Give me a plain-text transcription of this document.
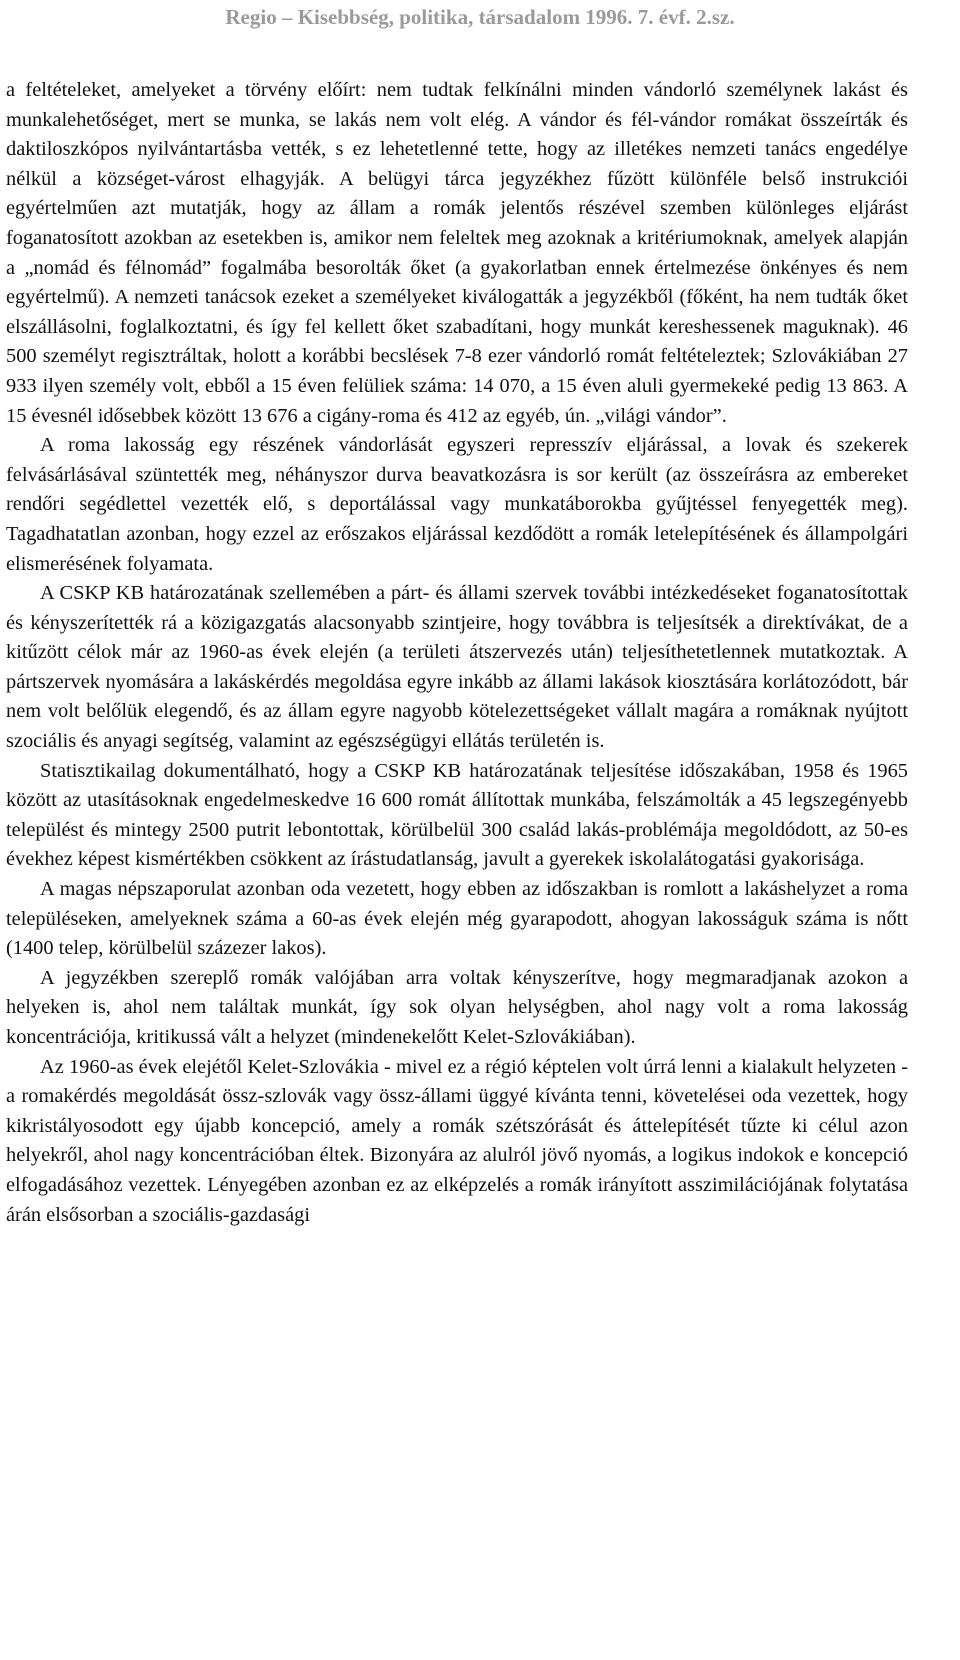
Regio – Kisebbség, politika, társadalom 1996. 7. évf. 2.sz.

a feltételeket, amelyeket a törvény előírt: nem tudtak felkínálni minden vándorló személynek lakást és munkalehetőséget, mert se munka, se lakás nem volt elég. A vándor és fél-vándor romákat összeírták és daktiloszkópos nyilvántartásba vették, s ez lehetetlenné tette, hogy az illetékes nemzeti tanács engedélye nélkül a községet-várost elhagyják. A belügyi tárca jegyzékhez fűzött különféle belső instrukciói egyértelműen azt mutatják, hogy az állam a romák jelentős részével szemben különleges eljárást foganatosított azokban az esetekben is, amikor nem feleltek meg azoknak a kritériumoknak, amelyek alapján a „nomád és félnomád” fogalmába besorolták őket (a gyakorlatban ennek értelmezése önkényes és nem egyértelmű). A nemzeti tanácsok ezeket a személyeket kiválogatták a jegyzékből (főként, ha nem tudták őket elszállásolni, foglalkoztatni, és így fel kellett őket szabadítani, hogy munkát kereshessenek maguknak). 46 500 személyt regisztráltak, holott a korábbi becslések 7-8 ezer vándorló romát feltételeztek; Szlovákiában 27 933 ilyen személy volt, ebből a 15 éven felüliek száma: 14 070, a 15 éven aluli gyermekeké pedig 13 863. A 15 évesnél idősebbek között 13 676 a cigány-roma és 412 az egyéb, ún. „világi vándor”.

A roma lakosság egy részének vándorlását egyszeri represszív eljárással, a lovak és szekerek felvásárlásával szüntették meg, néhányszor durva beavatkozásra is sor került (az összeírásra az embereket rendőri segédlettel vezették elő, s deportálással vagy munkatáborokba gyűjtéssel fenyegették meg). Tagadhatatlan azonban, hogy ezzel az erőszakos eljárással kezdődött a romák letelepítésének és állampolgári elismerésének folyamata.

A CSKP KB határozatának szellemében a párt- és állami szervek további intézkedéseket foganatosítottak és kényszerítették rá a közigazgatás alacsonyabb szintjeire, hogy továbbra is teljesítsék a direktívákat, de a kitűzött célok már az 1960-as évek elején (a területi átszervezés után) teljesíthetetlennek mutatkoztak. A pártszervek nyomására a lakáskérdés megoldása egyre inkább az állami lakások kiosztására korlátozódott, bár nem volt belőlük elegendő, és az állam egyre nagyobb kötelezettségeket vállalt magára a romáknak nyújtott szociális és anyagi segítség, valamint az egészségügyi ellátás területén is.

Statisztikailag dokumentálható, hogy a CSKP KB határozatának teljesítése időszakában, 1958 és 1965 között az utasításoknak engedelmeskedve 16 600 romát állítottak munkába, felszámolták a 45 legszegényebb települést és mintegy 2500 putrit lebontottak, körülbelül 300 család lakás-problémája megoldódott, az 50-es évekhez képest kismértékben csökkent az írástudatlanság, javult a gyerekek iskolalátogatási gyakorisága.

A magas népszaporulat azonban oda vezetett, hogy ebben az időszakban is romlott a lakáshelyzet a roma településeken, amelyeknek száma a 60-as évek elején még gyarapodott, ahogyan lakosságuk száma is nőtt (1400 telep, körülbelül százezer lakos).

A jegyzékben szereplő romák valójában arra voltak kényszerítve, hogy megmaradjanak azokon a helyeken is, ahol nem találtak munkát, így sok olyan helységben, ahol nagy volt a roma lakosság koncentrációja, kritikussá vált a helyzet (mindenekelőtt Kelet-Szlovákiában).

Az 1960-as évek elejétől Kelet-Szlovákia - mivel ez a régió képtelen volt úrrá lenni a kialakult helyzeten - a romakérdés megoldását össz-szlovák vagy össz-állami üggyé kívánta tenni, követelései oda vezettek, hogy kikristályosodott egy újabb koncepció, amely a romák szétszórását és áttelepítését tűzte ki célul azon helyekről, ahol nagy koncentrációban éltek. Bizonyára az alulról jövő nyomás, a logikus indokok e koncepció elfogadásához vezettek. Lényegében azonban ez az elképzelés a romák irányított asszimilációjának folytatása árán elsősorban a szociális-gazdasági
